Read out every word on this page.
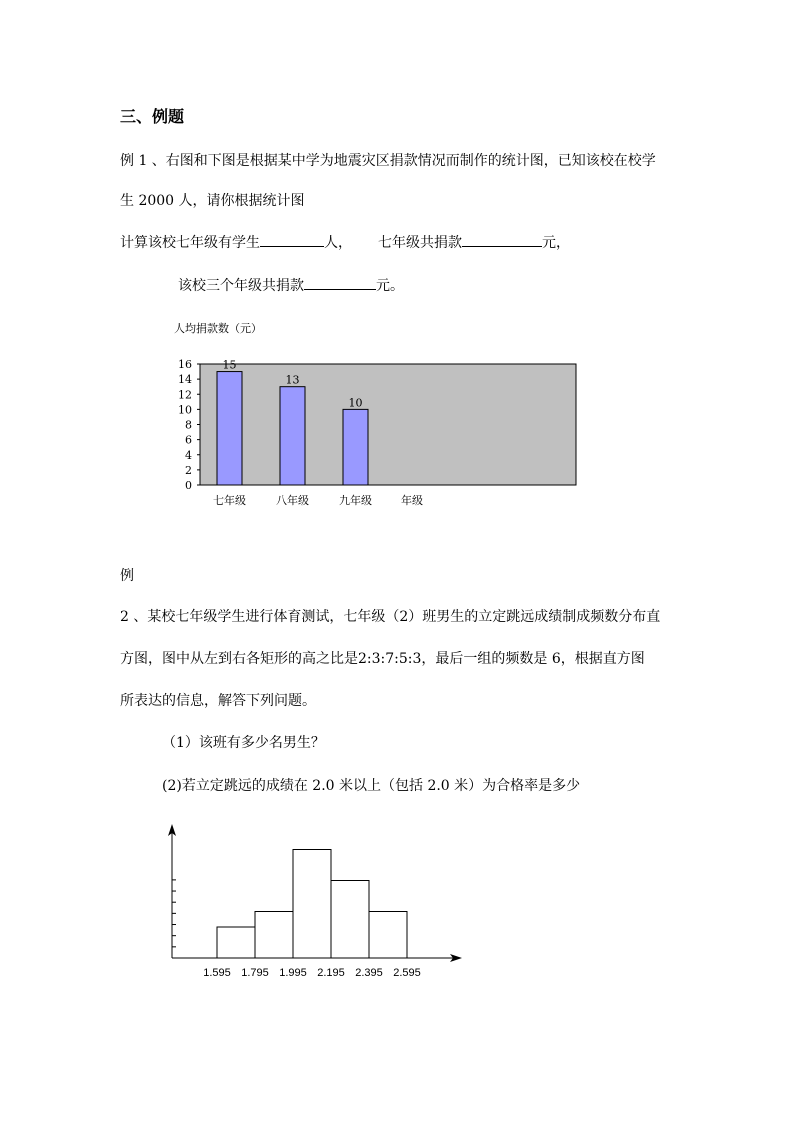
三、例题
例 1 、右图和下图是根据某中学为地震灾区捐款情况而制作的统计图，已知该校在校学
生 2000 人，请你根据统计图
计算该校七年级有学生	人， 七年级共捐款	元，
该校三个年级共捐款	元。
人均捐款数（元）
0
2
4
6
8
10
12
14
16	15
13
10
七年级	八年级	九年级	年级
例
2 、某校七年级学生进行体育测试，七年级（2）班男生的立定跳远成绩制成频数分布直
方图，图中从左到右各矩形的高之比是2:3:7:5:3，最后一组的频数是 6，根据直方图
所表达的信息，解答下列问题。
（1）该班有多少名男生？
(2)若立定跳远的成绩在 2.0 米以上（包括 2.0 米）为合格率是多少
1.595 1.795 1.995 2.195 2.395 2.595
